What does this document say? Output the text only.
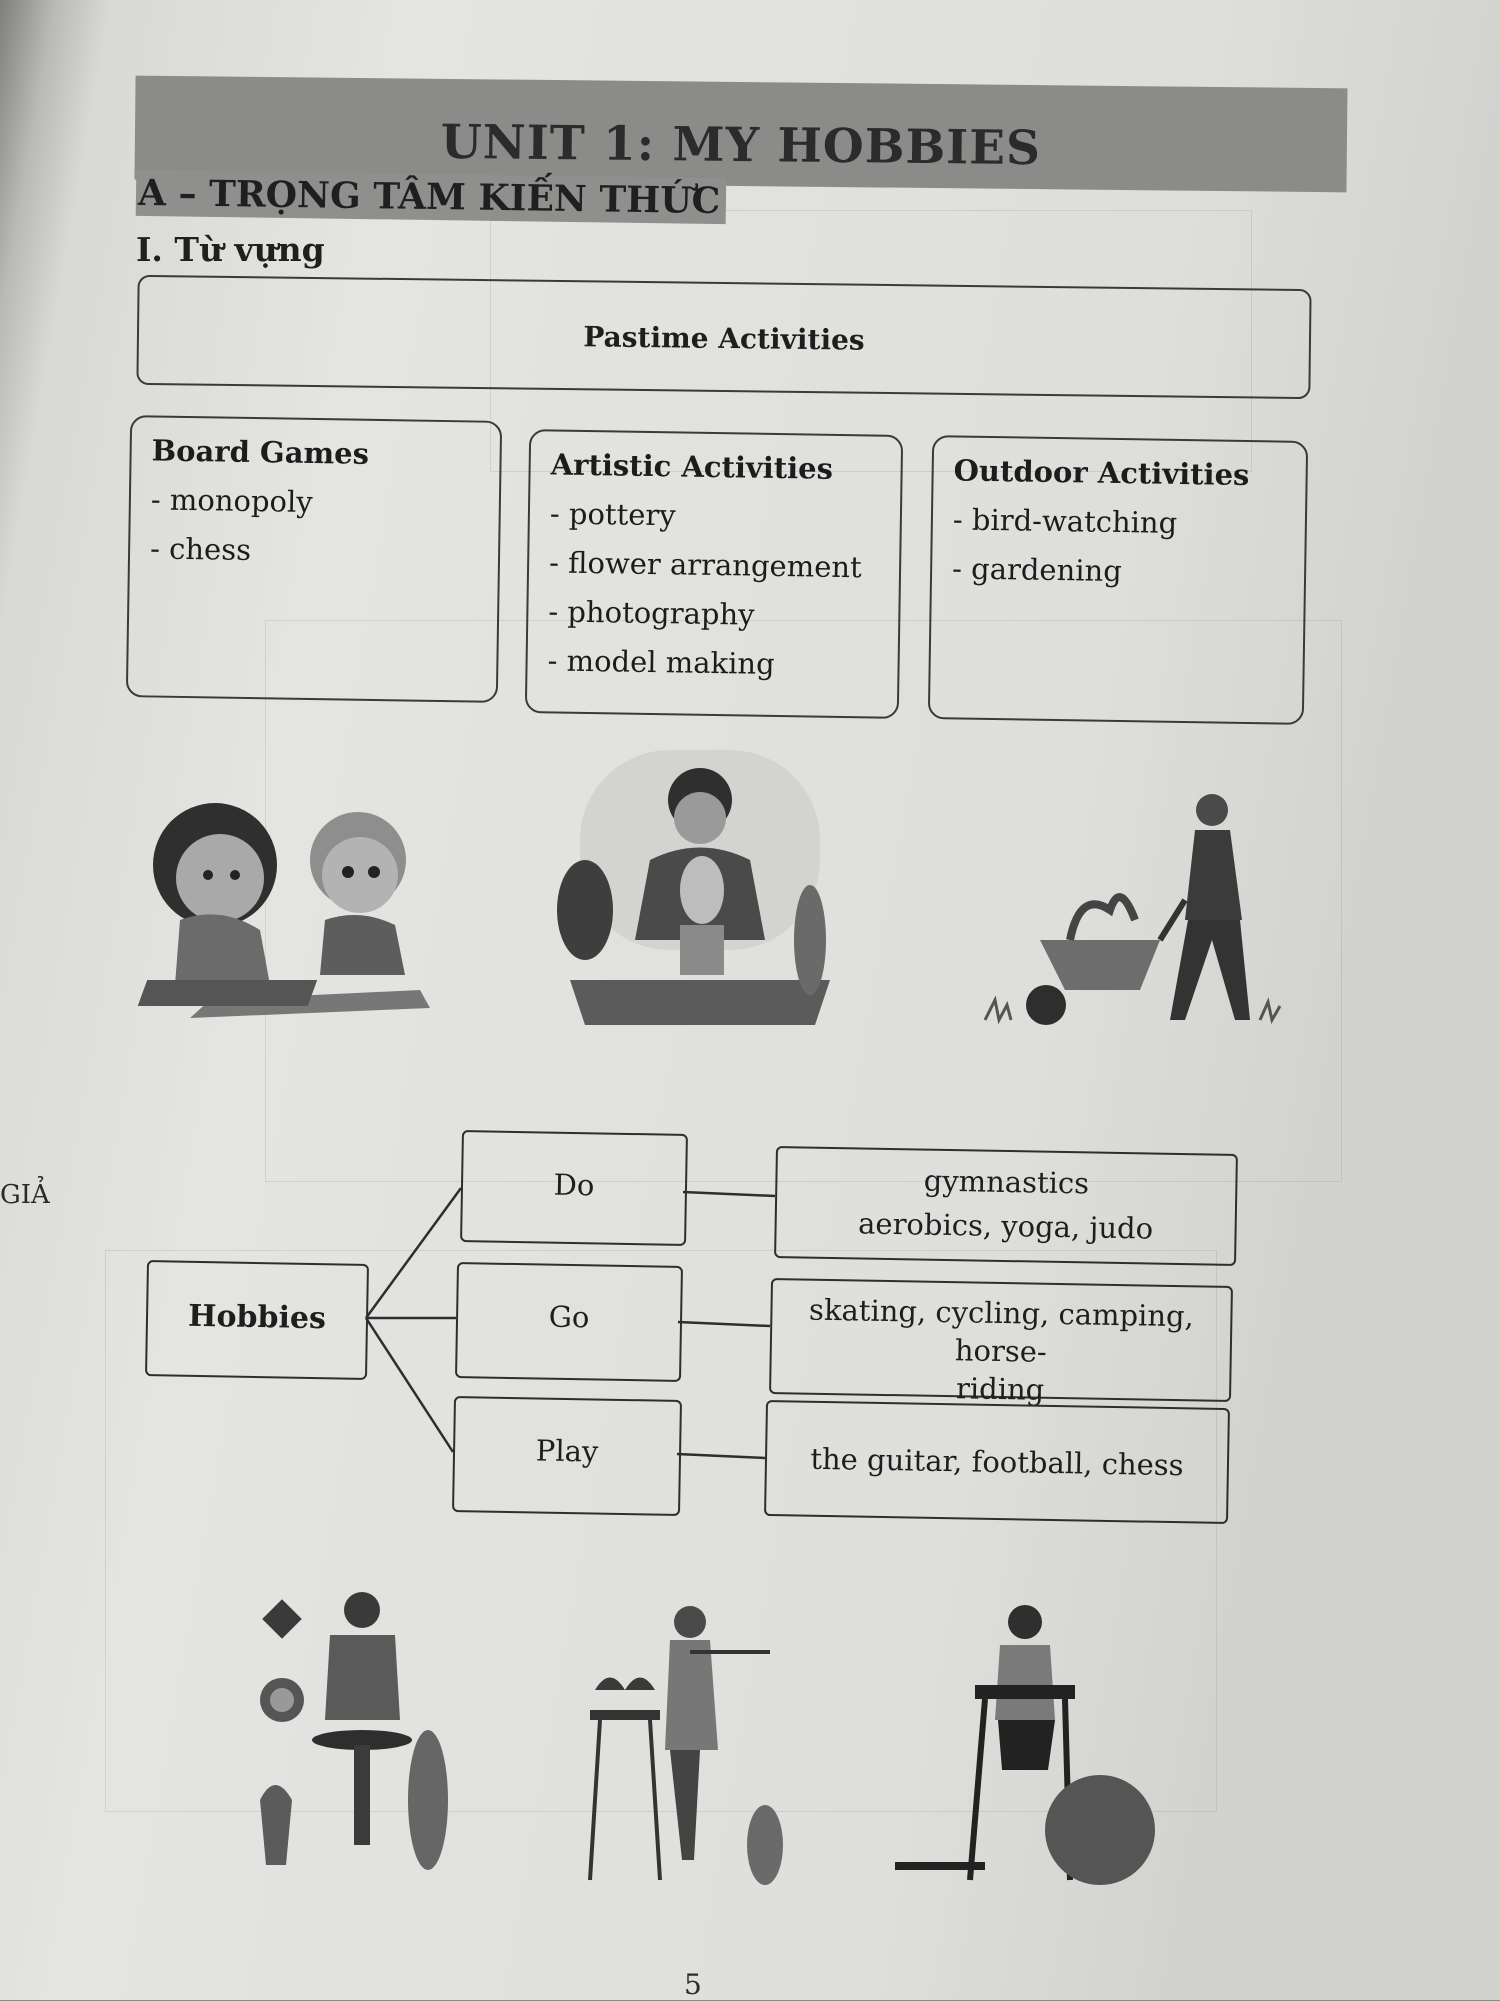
GIẢ
UNIT 1: MY HOBBIES
A – TRỌNG TÂM KIẾN THỨC
I. Từ vựng
Pastime Activities
Board Games
- monopoly
- chess
Artistic Activities
- pottery
- flower arrangement
- photography
- model making
Outdoor Activities
- bird-watching
- gardening
Hobbies
Do
Go
Play
gymnastics
aerobics, yoga, judo
skating, cycling, camping, horse-
riding
the guitar, football, chess
5
